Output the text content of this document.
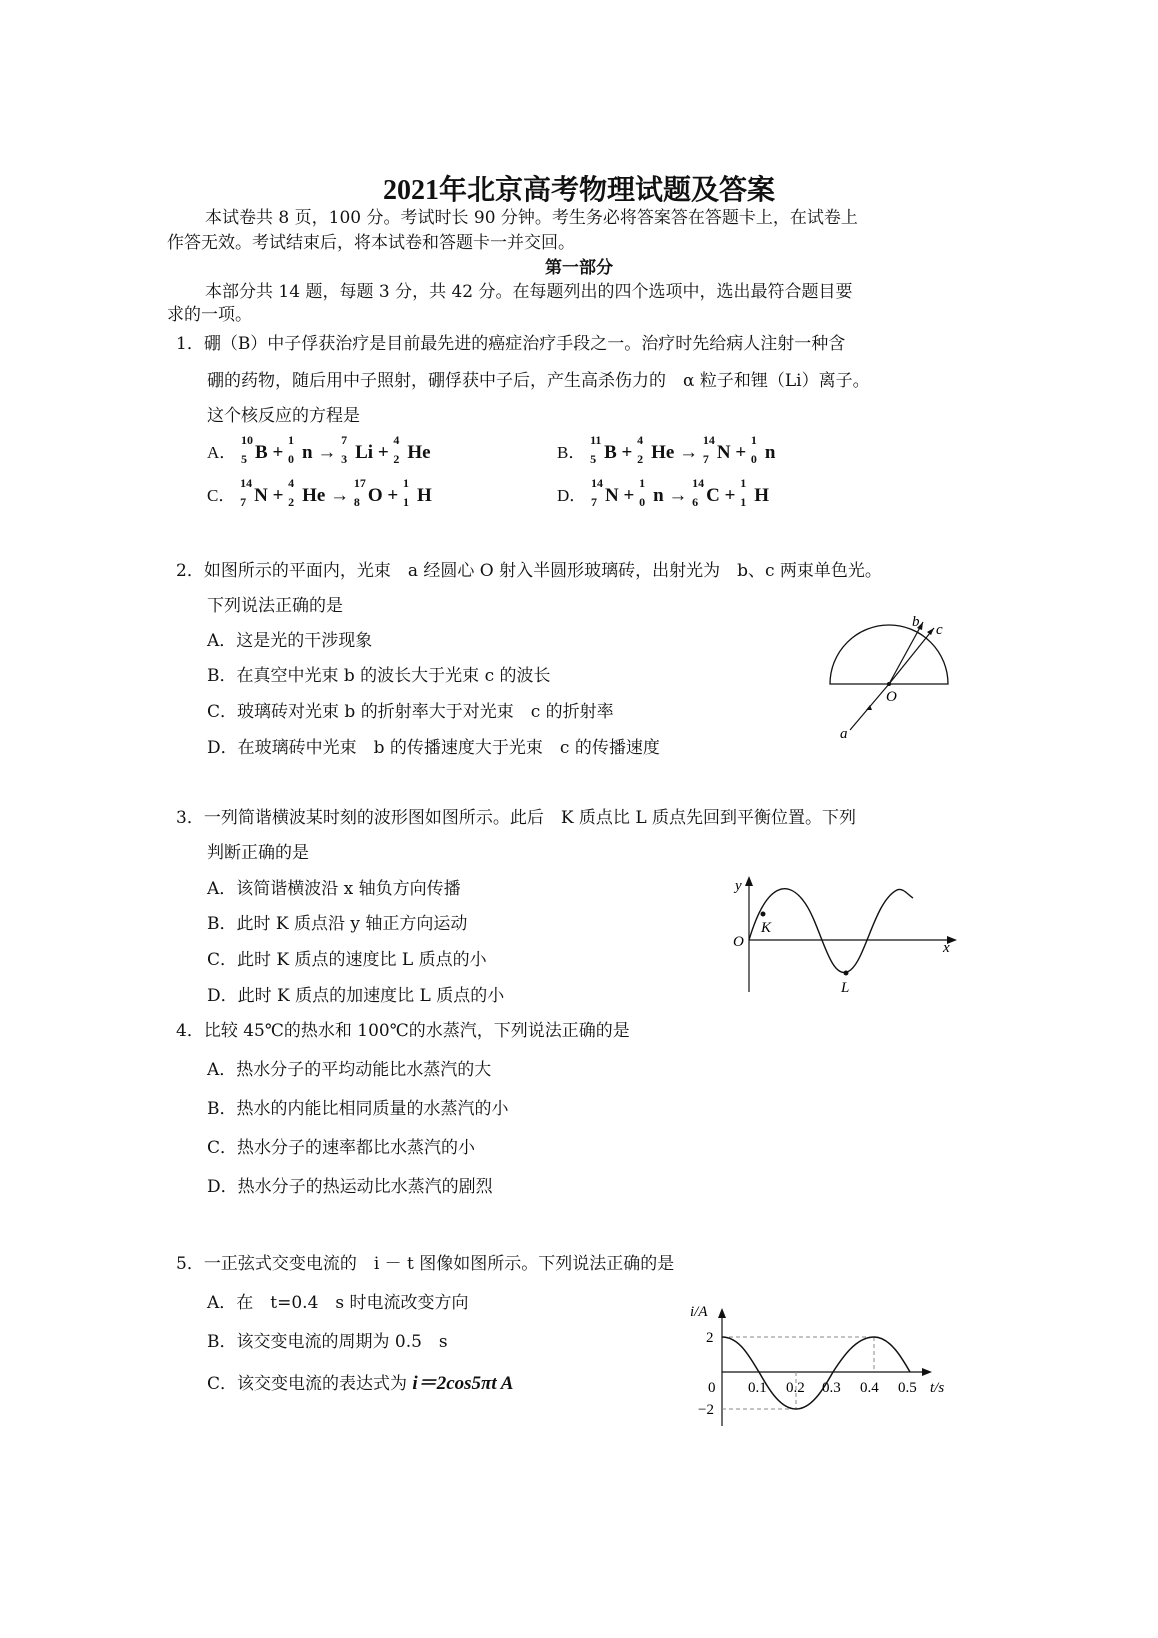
2021年北京高考物理试题及答案
本试卷共 8 页，100 分。考试时长 90 分钟。考生务必将答案答在答题卡上，在试卷上
作答无效。考试结束后，将本试卷和答题卡一并交回。
第一部分
本部分共 14 题，每题 3 分，共 42 分。在每题列出的四个选项中，选出最符合题目要
求的一项。
1．硼（B）中子俘获治疗是目前最先进的癌症治疗手段之一。治疗时先给病人注射一种含
硼的药物，随后用中子照射，硼俘获中子后，产生高杀伤力的　α 粒子和锂（Li）离子。
这个核反应的方程是
A．
10
5 B +
1
0 n →
7
3 Li +
4
2 He	B．
11
5 B +
4
2 He →
14
7 N +
1
0 n
C．
14
7 N +
4
2 He →
17
8 O +
1
1 H	D．
14
7 N +
1
0 n →
14
6 C +
1
1 H
2．如图所示的平面内，光束　a 经圆心 O 射入半圆形玻璃砖，出射光为　b、c 两束单色光。
下列说法正确的是
A．这是光的干涉现象
B．在真空中光束 b 的波长大于光束 c 的波长
C．玻璃砖对光束 b 的折射率大于对光束　c 的折射率
D．在玻璃砖中光束　b 的传播速度大于光束　c 的传播速度
a
b c
O
3．一列简谐横波某时刻的波形图如图所示。此后　K 质点比 L 质点先回到平衡位置。下列
判断正确的是
A．该简谐横波沿 x 轴负方向传播
B．此时 K 质点沿 y 轴正方向运动
C．此时 K 质点的速度比 L 质点的小
D．此时 K 质点的加速度比 L 质点的小
y
x
O
K
L
4．比较 45℃的热水和 100℃的水蒸汽，下列说法正确的是
A．热水分子的平均动能比水蒸汽的大
B．热水的内能比相同质量的水蒸汽的小
C．热水分子的速率都比水蒸汽的小
D．热水分子的热运动比水蒸汽的剧烈
5．一正弦式交变电流的　i － t 图像如图所示。下列说法正确的是
A．在　t=0.4　s 时电流改变方向
B．该交变电流的周期为 0.5　s
C．该交变电流的表达式为 i＝2cos5πt A
i/A
t/s
2
−2
0 0.1 0.2 0.3 0.4 0.5
